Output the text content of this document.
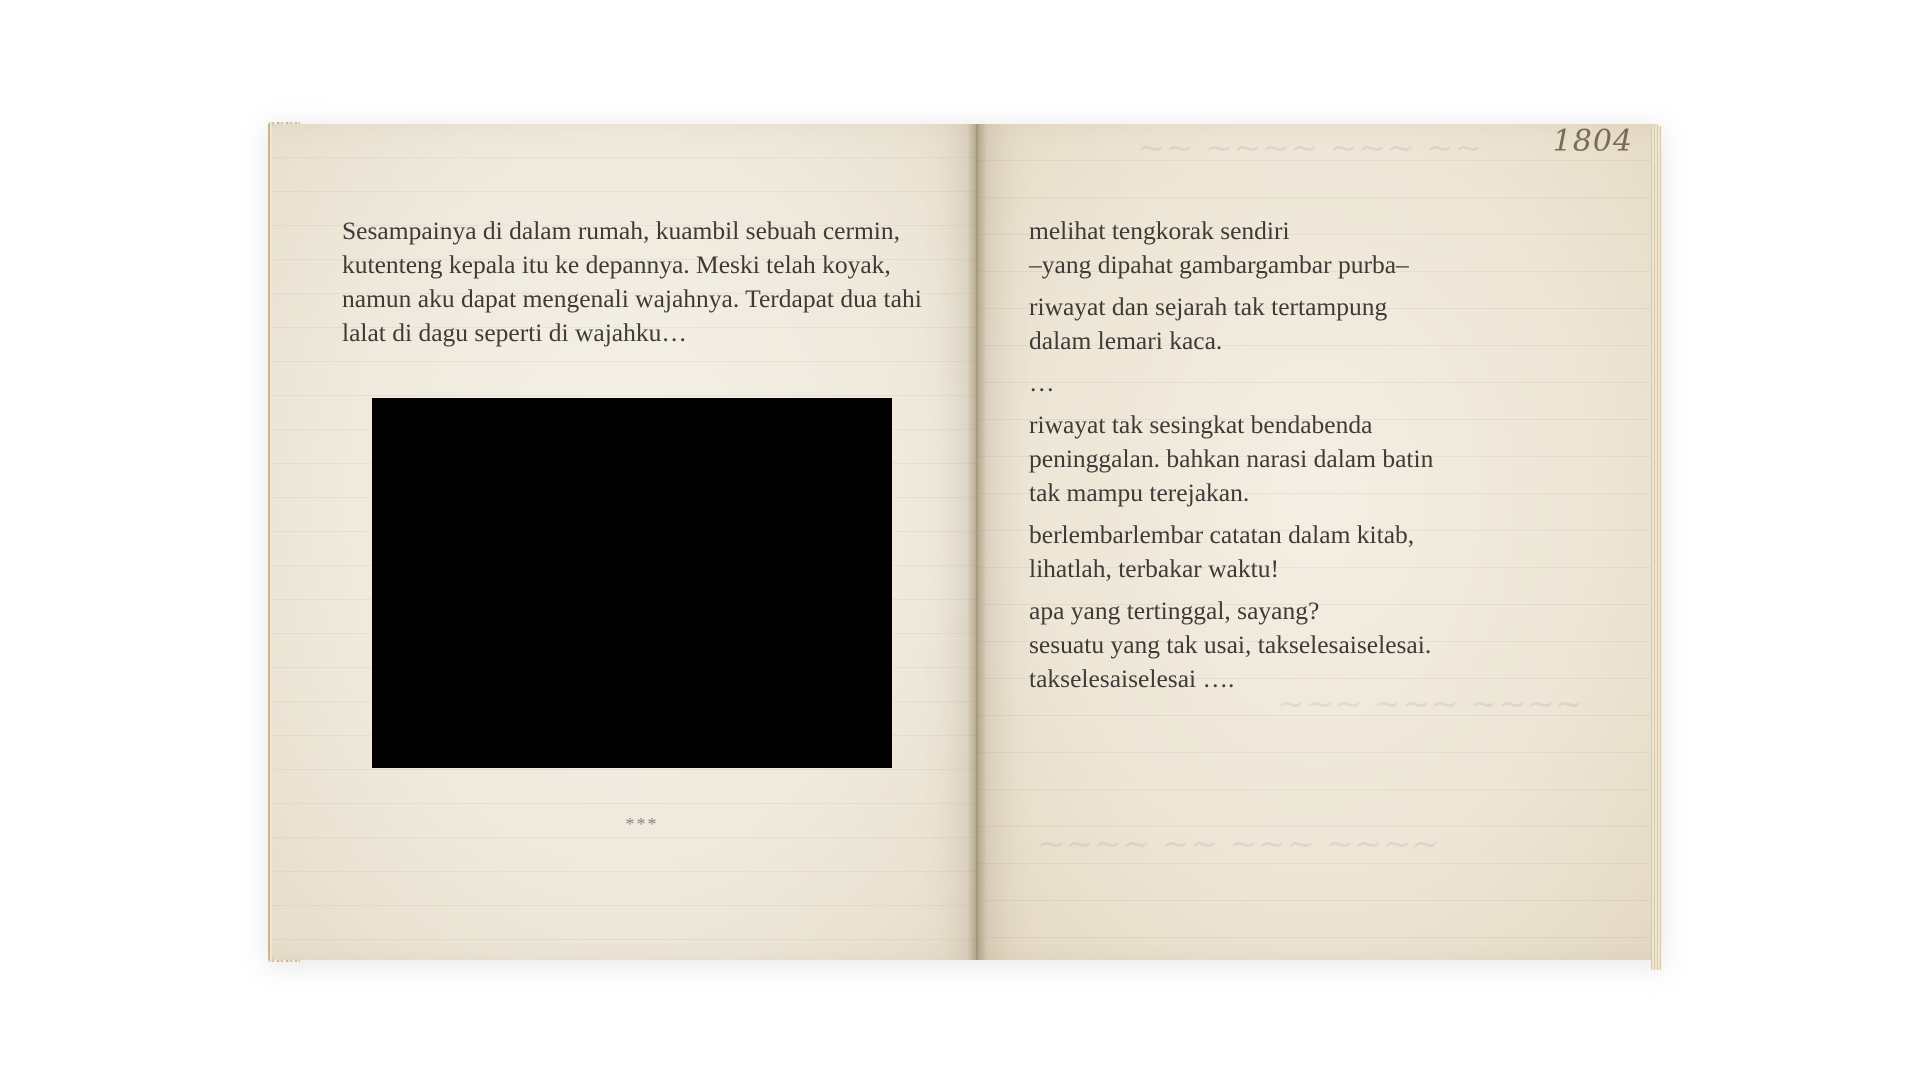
Sesampainya di dalam rumah, kuambil sebuah cermin, kutenteng kepala itu ke depannya. Meski telah koyak, namun aku dapat mengenali wajahnya. Terdapat dua tahi lalat di dagu seperti di wajahku…

***
~~ ~~~~ ~~~ ~~
~~~ ~~~ ~~~~
~~~~ ~~ ~~~ ~~~~
1804
melihat tengkorak sendiri
–yang dipahat gambargambar purba–
riwayat dan sejarah tak tertampung
dalam lemari kaca.
…
riwayat tak sesingkat bendabenda
peninggalan. bahkan narasi dalam batin
tak mampu terejakan.
berlembarlembar catatan dalam kitab,
lihatlah, terbakar waktu!
apa yang tertinggal, sayang?
sesuatu yang tak usai, takselesaiselesai.
takselesaiselesai ….
